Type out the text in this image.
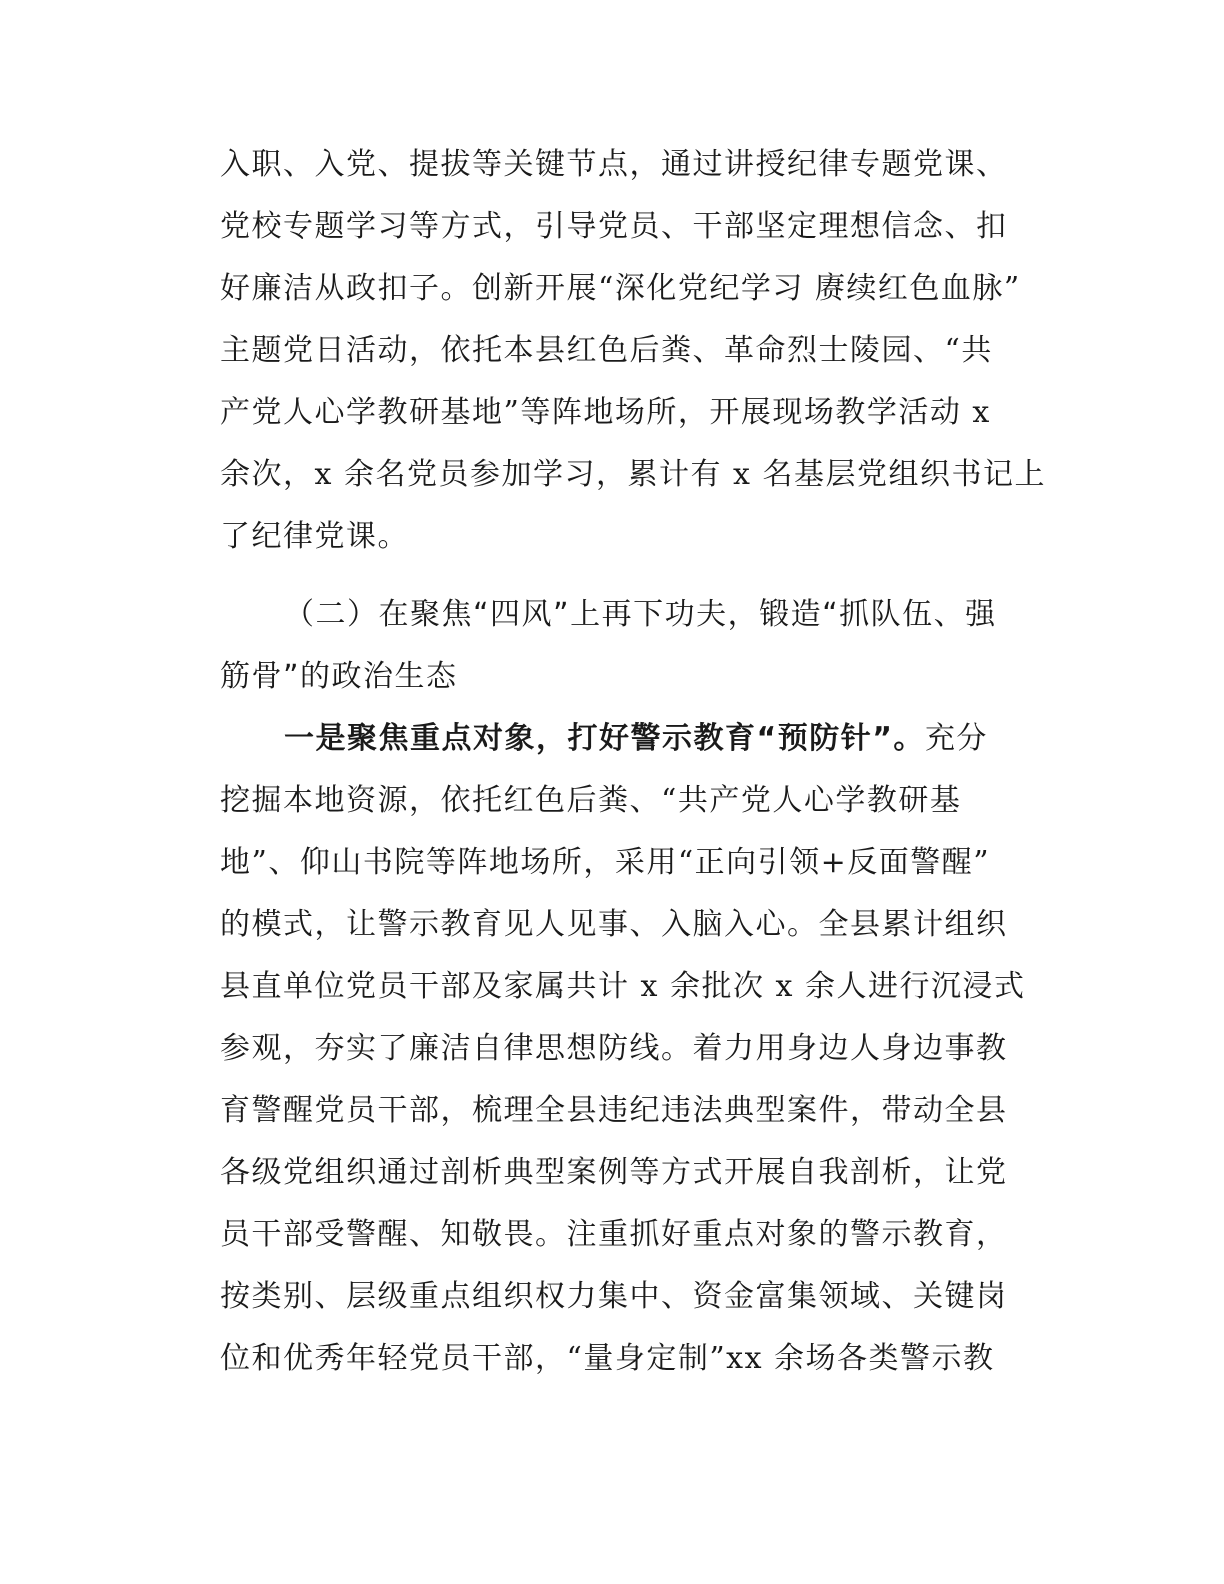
入职、入党、提拔等关键节点，通过讲授纪律专题党课、
党校专题学习等方式，引导党员、干部坚定理想信念、扣
好廉洁从政扣子。创新开展“深化党纪学习 赓续红色血脉”
主题党日活动，依托本县红色后粪、革命烈士陵园、“共
产党人心学教研基地”等阵地场所，开展现场教学活动 x
余次，x 余名党员参加学习，累计有 x 名基层党组织书记上
了纪律党课。
（二）在聚焦“四风”上再下功夫，锻造“抓队伍、强
筋骨”的政治生态
一是聚焦重点对象，打好警示教育“预防针”。充分
挖掘本地资源，依托红色后粪、“共产党人心学教研基
地”、仰山书院等阵地场所，采用“正向引领+反面警醒”
的模式，让警示教育见人见事、入脑入心。全县累计组织
县直单位党员干部及家属共计 x 余批次 x 余人进行沉浸式
参观，夯实了廉洁自律思想防线。着力用身边人身边事教
育警醒党员干部，梳理全县违纪违法典型案件，带动全县
各级党组织通过剖析典型案例等方式开展自我剖析，让党
员干部受警醒、知敬畏。注重抓好重点对象的警示教育，
按类别、层级重点组织权力集中、资金富集领域、关键岗
位和优秀年轻党员干部，“量身定制”xx 余场各类警示教
